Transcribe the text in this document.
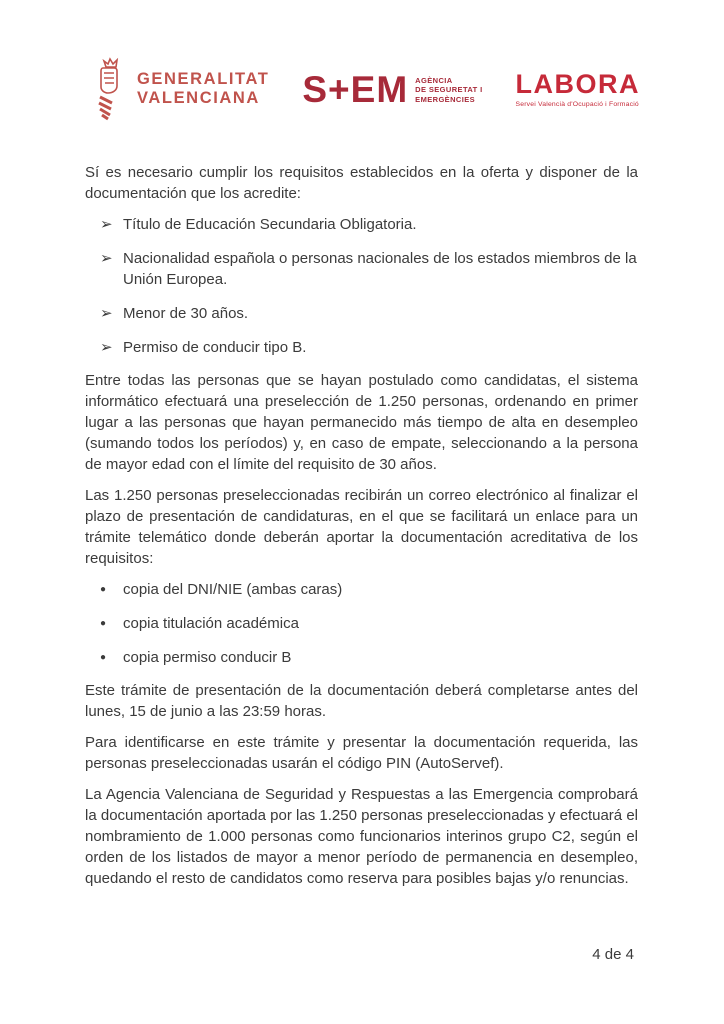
GENERALITAT
VALENCIANA S+EM AGÈNCIA
DE SEGURETAT I
EMERGÈNCIES
LABORA
Servei Valencià d'Ocupació i Formació

Sí es necesario cumplir los requisitos establecidos en la oferta y disponer de la documentación que los acredite:

➢ Título de Educación Secundaria Obligatoria.
➢ Nacionalidad española o personas nacionales de los estados miembros de la Unión Europea.
➢ Menor de 30 años.
➢ Permiso de conducir tipo B.

Entre todas las personas que se hayan postulado como candidatas, el sistema informático efectuará una preselección de 1.250 personas, ordenando en primer lugar a las personas que hayan permanecido más tiempo de alta en desempleo (sumando todos los períodos) y, en caso de empate, seleccionando a la persona de mayor edad con el límite del requisito de 30 años.

Las 1.250 personas preseleccionadas recibirán un correo electrónico al finalizar el plazo de presentación de candidaturas, en el que se facilitará un enlace para un trámite telemático donde deberán aportar la documentación acreditativa de los requisitos:

●	copia del DNI/NIE (ambas caras)
●	copia titulación académica
●	copia permiso conducir B

Este trámite de presentación de la documentación deberá completarse antes del lunes, 15 de junio a las 23:59 horas.

Para identificarse en este trámite y presentar la documentación requerida, las personas preseleccionadas usarán el código PIN (AutoServef).

La Agencia Valenciana de Seguridad y Respuestas a las Emergencia comprobará la documentación aportada por las 1.250 personas preseleccionadas y efectuará el nombramiento de 1.000 personas como funcionarios interinos grupo C2, según el orden de los listados de mayor a menor período de permanencia en desempleo, quedando el resto de candidatos como reserva para posibles bajas y/o renuncias.

4 de 4
